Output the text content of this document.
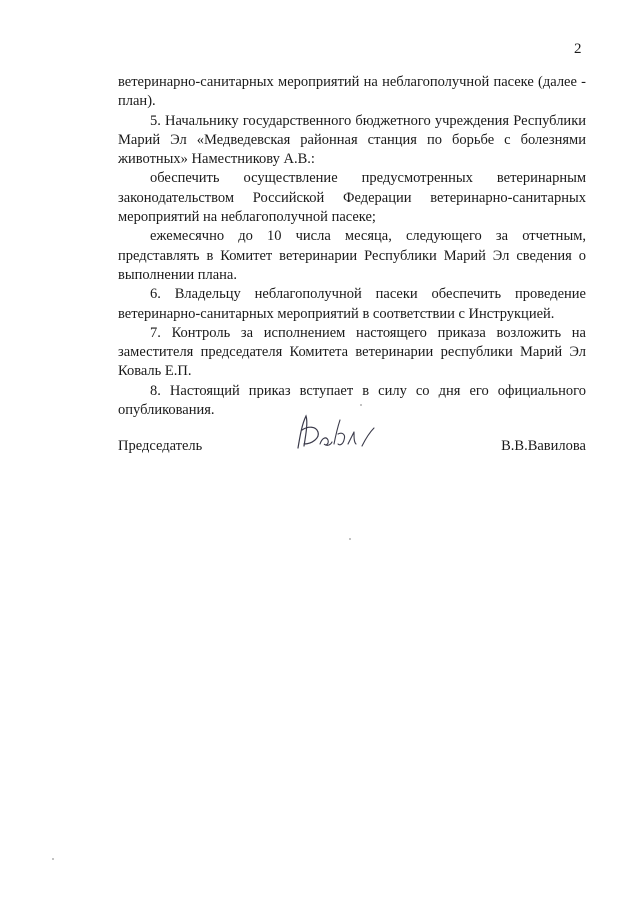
2

ветеринарно-санитарных мероприятий на неблагополучной пасеке (далее - план).

5. Начальнику государственного бюджетного учреждения Республики Марий Эл «Медведевская районная станция по борьбе с болезнями животных» Наместникову А.В.:

обеспечить осуществление предусмотренных ветеринарным законодательством Российской Федерации ветеринарно-санитарных мероприятий на неблагополучной пасеке;

ежемесячно до 10 числа месяца, следующего за отчетным, представлять в Комитет ветеринарии Республики Марий Эл сведения о выполнении плана.

6. Владельцу неблагополучной пасеки обеспечить проведение ветеринарно-санитарных мероприятий в соответствии с Инструкцией.

7. Контроль за исполнением настоящего приказа возложить на заместителя председателя Комитета ветеринарии республики Марий Эл Коваль Е.П.

8. Настоящий приказ вступает в силу со дня его официального опубликования.

Председатель	В.В.Вавилова
